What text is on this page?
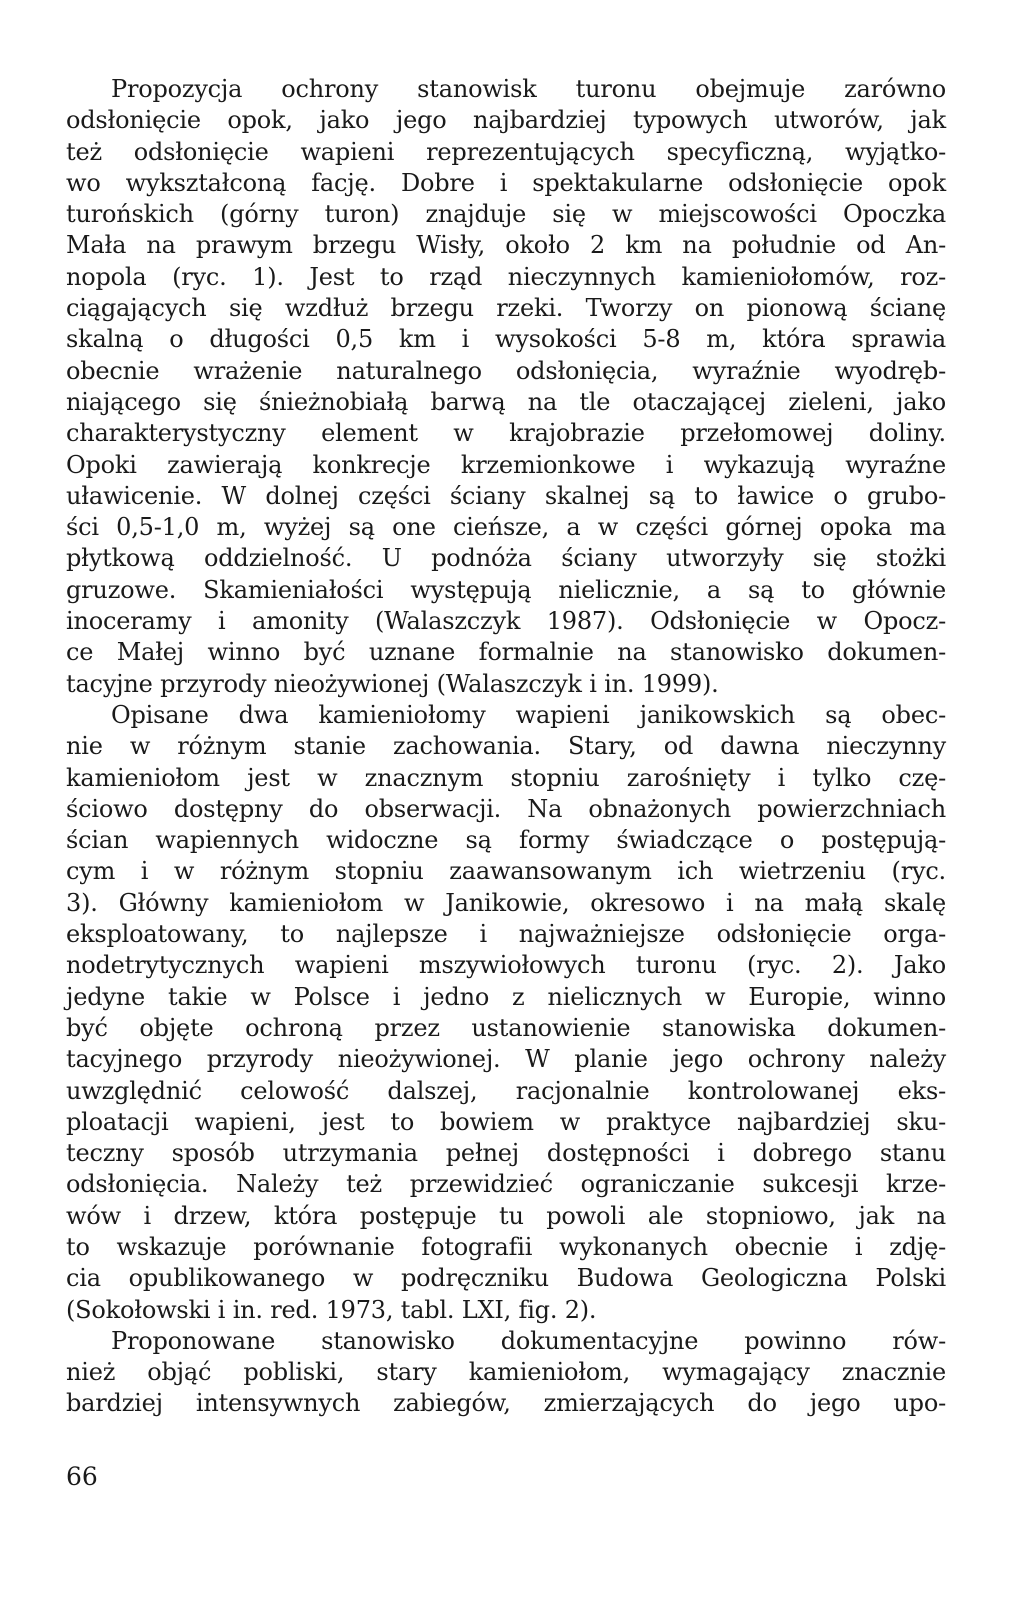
Propozycja ochrony stanowisk turonu obejmuje zarówno
odsłonięcie opok, jako jego najbardziej typowych utworów, jak
też odsłonięcie wapieni reprezentujących specyficzną, wyjątko-
wo wykształconą fację. Dobre i spektakularne odsłonięcie opok
turońskich (górny turon) znajduje się w miejscowości Opoczka
Mała na prawym brzegu Wisły, około 2 km na południe od An-
nopola (ryc. 1). Jest to rząd nieczynnych kamieniołomów, roz-
ciągających się wzdłuż brzegu rzeki. Tworzy on pionową ścianę
skalną o długości 0,5 km i wysokości 5-8 m, która sprawia
obecnie wrażenie naturalnego odsłonięcia, wyraźnie wyodręb-
niającego się śnieżnobiałą barwą na tle otaczającej zieleni, jako
charakterystyczny element w krajobrazie przełomowej doliny.
Opoki zawierają konkrecje krzemionkowe i wykazują wyraźne
uławicenie. W dolnej części ściany skalnej są to ławice o grubo-
ści 0,5-1,0 m, wyżej są one cieńsze, a w części górnej opoka ma
płytkową oddzielność. U podnóża ściany utworzyły się stożki
gruzowe. Skamieniałości występują nielicznie, a są to głównie
inoceramy i amonity (Walaszczyk 1987). Odsłonięcie w Opocz-
ce Małej winno być uznane formalnie na stanowisko dokumen-
tacyjne przyrody nieożywionej (Walaszczyk i in. 1999).
Opisane dwa kamieniołomy wapieni janikowskich są obec-
nie w różnym stanie zachowania. Stary, od dawna nieczynny
kamieniołom jest w znacznym stopniu zarośnięty i tylko czę-
ściowo dostępny do obserwacji. Na obnażonych powierzchniach
ścian wapiennych widoczne są formy świadczące o postępują-
cym i w różnym stopniu zaawansowanym ich wietrzeniu (ryc.
3). Główny kamieniołom w Janikowie, okresowo i na małą skalę
eksploatowany, to najlepsze i najważniejsze odsłonięcie orga-
nodetrytycznych wapieni mszywiołowych turonu (ryc. 2). Jako
jedyne takie w Polsce i jedno z nielicznych w Europie, winno
być objęte ochroną przez ustanowienie stanowiska dokumen-
tacyjnego przyrody nieożywionej. W planie jego ochrony należy
uwzględnić celowość dalszej, racjonalnie kontrolowanej eks-
ploatacji wapieni, jest to bowiem w praktyce najbardziej sku-
teczny sposób utrzymania pełnej dostępności i dobrego stanu
odsłonięcia. Należy też przewidzieć ograniczanie sukcesji krze-
wów i drzew, która postępuje tu powoli ale stopniowo, jak na
to wskazuje porównanie fotografii wykonanych obecnie i zdję-
cia opublikowanego w podręczniku Budowa Geologiczna Polski
(Sokołowski i in. red. 1973, tabl. LXI, fig. 2).
Proponowane stanowisko dokumentacyjne powinno rów-
nież objąć pobliski, stary kamieniołom, wymagający znacznie
bardziej intensywnych zabiegów, zmierzających do jego upo-
66
